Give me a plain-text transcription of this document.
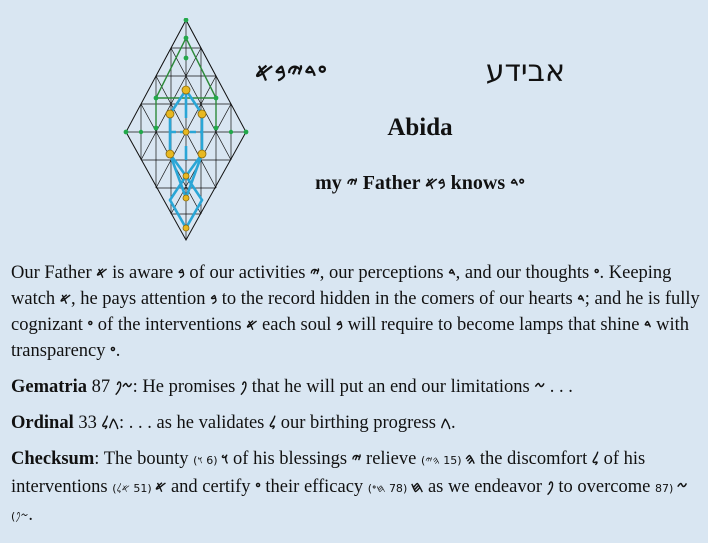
𐤏𐤃𐤉𐤁𐤀	אבידע
Abida
my 𐤉 Father 𐤁𐤀 knows 𐤏𐤃

Our Father 𐤀 is aware 𐤁 of our activities 𐤉, our perceptions 𐤃, and our thoughts 𐤏. Keeping watch 𐤀, he pays attention 𐤁 to the record hidden in the comers of our hearts 𐤃; and he is fully cognizant 𐤏 of the interventions 𐤀 each soul 𐤁 will require to become lamps that shine 𐤃 with transparency 𐤏.

Gematria 87 𐤆𐤐: He promises 𐤐 that he will put an end our limitations 𐤆 . . .

Ordinal 33 𐤂𐤋: . . . as he validates 𐤋 our birthing progress 𐤂.

Checksum: The bounty 𐤅 (6 𐤅) of his blessings 𐤉 relieve	𐤄 (15 𐤄𐤉) the discomfort 𐤋 of his interventions	𐤀 (51 𐤀𐤋) and certify 𐤏 their efficacy	𐤇 (78 𐤇𐤏) as we endeavor 𐤐 to overcome 𐤆 (87 𐤆𐤐).
